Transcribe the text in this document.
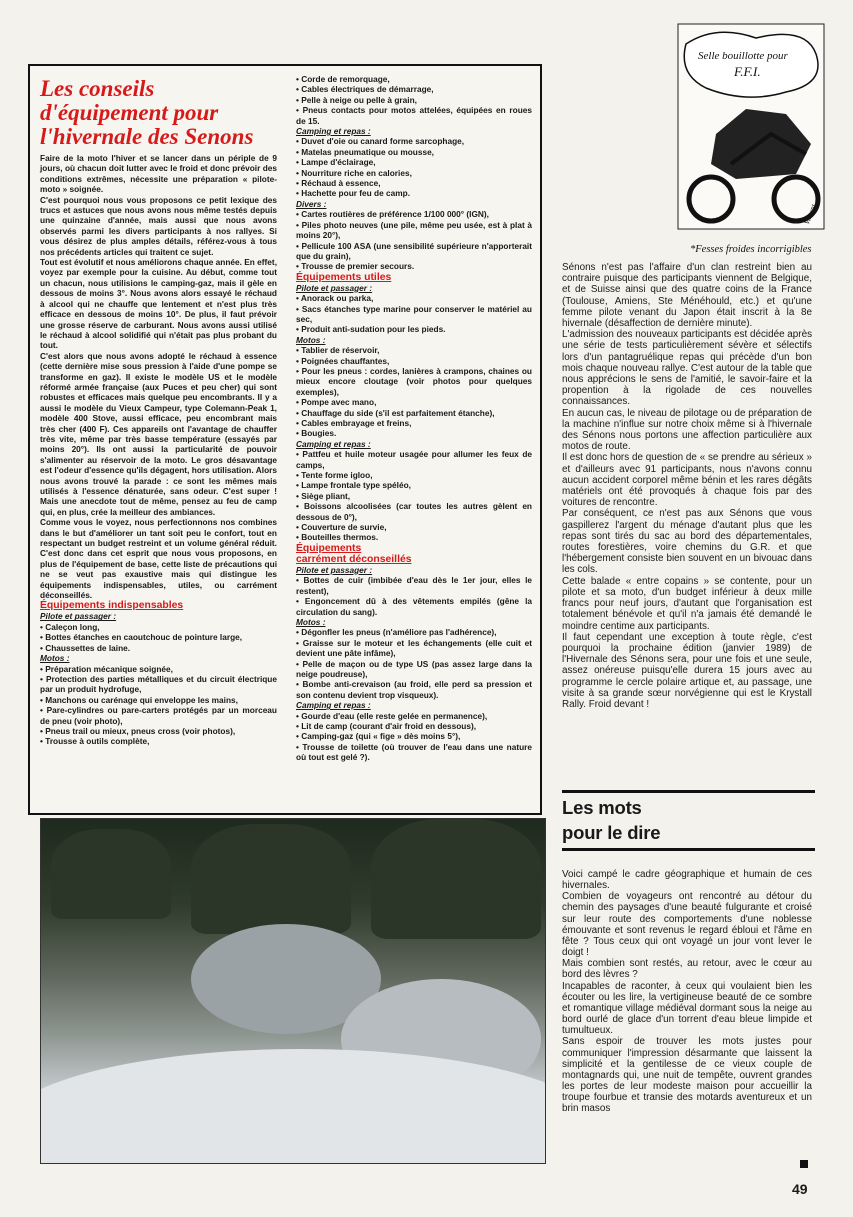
Les conseils d'équipement pour l'hivernale des Senons

Faire de la moto l'hiver et se lancer dans un périple de 9 jours, où chacun doit lutter avec le froid et donc prévoir des conditions extrêmes, nécessite une préparation « pilote-moto » soignée.

C'est pourquoi nous vous proposons ce petit lexique des trucs et astuces que nous avons nous même testés depuis une quinzaine d'année, mais aussi que nous avons observés parmi les divers participants à nos rallyes. Si vous désirez de plus amples détails, référez-vous à tous nos précédents articles qui traitent ce sujet.

Tout est évolutif et nous améliorons chaque année. En effet, voyez par exemple pour la cuisine. Au début, comme tout un chacun, nous utilisions le camping-gaz, mais il gèle en dessous de moins 3°. Nous avons alors essayé le réchaud à alcool qui ne chauffe que lentement et n'est plus très efficace en dessous de moins 10°. De plus, il faut prévoir une grosse réserve de carburant. Nous avons aussi utilisé le réchaud à alcool solidifié qui n'était pas plus probant du tout.

C'est alors que nous avons adopté le réchaud à essence (cette dernière mise sous pression à l'aide d'une pompe se transforme en gaz). Il existe le modèle US et le modèle réformé armée française (aux Puces et peu cher) qui sont robustes et efficaces mais quelque peu encombrants. Il y a aussi le modèle du Vieux Campeur, type Colemann-Peak 1, modèle 400 Stove, aussi efficace, peu encombrant mais très cher (400 F). Ces appareils ont l'avantage de chauffer très vite, même par très basse température (essayés par moins 20°). Ils ont aussi la particularité de pouvoir s'alimenter au réservoir de la moto. Le gros désavantage est l'odeur d'essence qu'ils dégagent, hors utilisation. Alors nous avons trouvé la parade : ce sont les mêmes mais utilisés à l'essence dénaturée, sans odeur. C'est super ! Mais une anecdote tout de même, pensez au feu de camp qui, en plus, crée la meilleur des ambiances.

Comme vous le voyez, nous perfectionnons nos combines dans le but d'améliorer un tant soit peu le confort, tout en respectant un budget restreint et un volume général réduit. C'est donc dans cet esprit que nous vous proposons, en plus de l'équipement de base, cette liste de précautions qui ne se veut pas exaustive mais qui distingue les équipements indispensables, utiles, ou carrément déconseillés.

Équipements indispensables
Pilote et passager :
• Caleçon long,
• Bottes étanches en caoutchouc de pointure large,
• Chaussettes de laine.
Motos :
• Préparation mécanique soignée,
• Protection des parties métalliques et du circuit électrique par un produit hydrofuge,
• Manchons ou carénage qui enveloppe les mains,
• Pare-cylindres ou pare-carters protégés par un morceau de pneu (voir photo),
• Pneus trail ou mieux, pneus cross (voir photos),
• Trousse à outils complète,
• Corde de remorquage,
• Cables électriques de démarrage,
• Pelle à neige ou pelle à grain,
• Pneus contacts pour motos attelées, équipées en roues de 15.
Camping et repas :
• Duvet d'oie ou canard forme sarcophage,
• Matelas pneumatique ou mousse,
• Lampe d'éclairage,
• Nourriture riche en calories,
• Réchaud à essence,
• Hachette pour feu de camp.
Divers :
• Cartes routières de préférence 1/100 000° (IGN),
• Piles photo neuves (une pile, même peu usée, est à plat à moins 20°),
• Pellicule 100 ASA (une sensibilité supérieure n'apporterait que du grain),
• Trousse de premier secours.
Équipements utiles
Pilote et passager :
• Anorack ou parka,
• Sacs étanches type marine pour conserver le matériel au sec,
• Produit anti-sudation pour les pieds.
Motos :
• Tablier de réservoir,
• Poignées chauffantes,
• Pour les pneus : cordes, lanières à crampons, chaines ou mieux encore cloutage (voir photos pour quelques exemples),
• Pompe avec mano,
• Chauffage du side (s'il est parfaitement étanche),
• Cables embrayage et freins,
• Bougies.
Camping et repas :
• Pattfeu et huile moteur usagée pour allumer les feux de camps,
• Tente forme igloo,
• Lampe frontale type spéléo,
• Siège pliant,
• Boissons alcoolisées (car toutes les autres gèlent en dessous de 0°),
• Couverture de survie,
• Bouteilles thermos.
Équipements
carrément déconseillés
Pilote et passager :
• Bottes de cuir (imbibée d'eau dès le 1er jour, elles le restent),
• Engoncement dû à des vêtements empilés (gêne la circulation du sang).
Motos :
• Dégonfler les pneus (n'améliore pas l'adhérence),
• Graisse sur le moteur et les échangements (elle cuit et devient une pâte infâme),
• Pelle de maçon ou de type US (pas assez large dans la neige poudreuse),
• Bombe anti-crevaison (au froid, elle perd sa pression et son contenu devient trop visqueux).
Camping et repas :
• Gourde d'eau (elle reste gelée en permanence),
• Lit de camp (courant d'air froid en dessous),
• Camping-gaz (qui « fige » dès moins 5°),
• Trousse de toilette (où trouver de l'eau dans une nature où tout est gelé ?).
Selle bouillotte pour
F.F.I.
Vincent
*Fesses froides incorrigibles

Sénons n'est pas l'affaire d'un clan restreint bien au contraire puisque des participants viennent de Belgique, et de Suisse ainsi que des quatre coins de la France (Toulouse, Amiens, Ste Ménéhould, etc.) et qu'une femme pilote venant du Japon était inscrit à la 8e hivernale (désaffection de dernière minute).

L'admission des nouveaux participants est décidée après une série de tests particulièrement sévère et sélectifs lors d'un pantagruélique repas qui précède d'un bon mois chaque nouveau rallye. C'est autour de la table que nous apprécions le sens de l'amitié, le savoir-faire et la propention à la rigolade de ces nouvelles connaissances.

En aucun cas, le niveau de pilotage ou de préparation de la machine n'influe sur notre choix même si à l'hivernale des Sénons nous portons une affection particulière aux motos de route.

Il est donc hors de question de « se prendre au sérieux » et d'ailleurs avec 91 participants, nous n'avons connu aucun accident corporel même bénin et les rares dégâts matériels ont été provoqués à chaque fois par des voitures de rencontre.

Par conséquent, ce n'est pas aux Sénons que vous gaspillerez l'argent du ménage d'autant plus que les repas sont tirés du sac au bord des départementales, routes forestières, voire chemins du G.R. et que l'hébergement consiste bien souvent en un bivouac dans les cols.

Cette balade « entre copains » se contente, pour un pilote et sa moto, d'un budget inférieur à deux mille francs pour neuf jours, d'autant que l'organisation est totalement bénévole et qu'il n'a jamais été demandé le moindre centime aux participants.

Il faut cependant une exception à toute règle, c'est pourquoi la prochaine édition (janvier 1989) de l'Hivernale des Sénons sera, pour une fois et une seule, assez onéreuse puisqu'elle durera 15 jours avec au programme le cercle polaire artique et, au passage, une visite à sa grande sœur norvégienne qui est le Krystall Rally. Froid devant !

Les mots
pour le dire

Voici campé le cadre géographique et humain de ces hivernales.

Combien de voyageurs ont rencontré au détour du chemin des paysages d'une beauté fulgurante et croisé sur leur route des comportements d'une noblesse émouvante et sont revenus le regard ébloui et l'âme en fête ? Tous ceux qui ont voyagé un jour vont lever le doigt !

Mais combien sont restés, au retour, avec le cœur au bord des lèvres ?

Incapables de raconter, à ceux qui voulaient bien les écouter ou les lire, la vertigineuse beauté de ce sombre et romantique village médiéval dormant sous la neige au bord ourlé de glace d'un torrent d'eau bleue limpide et tumultueux.

Sans espoir de trouver les mots justes pour communiquer l'impression désarmante que laissent la simplicité et la gentilesse de ce vieux couple de montagnards qui, une nuit de tempête, ouvrent grandes les portes de leur modeste maison pour accueillir la troupe fourbue et transie des motards aventureux et un brin masos

49
